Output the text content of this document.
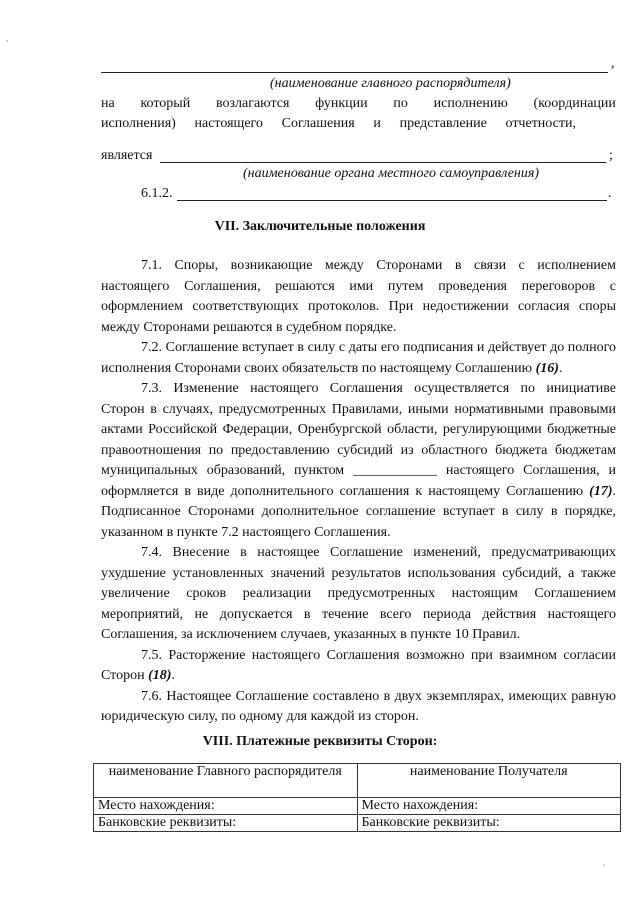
,
(наименование главного распорядителя)
на который возлагаются функции по исполнению (координации
исполнения) настоящего Соглашения и представление отчетности,
является	;
(наименование органа местного самоуправления)
6.1.2.	.
VII. Заключительные положения

7.1. Споры, возникающие между Сторонами в связи с исполнением настоящего Соглашения, решаются ими путем проведения переговоров с оформлением соответствующих протоколов. При недостижении согласия споры между Сторонами решаются в судебном порядке.

7.2. Соглашение вступает в силу с даты его подписания и действует до полного исполнения Сторонами своих обязательств по настоящему Соглашению (16).

7.3. Изменение настоящего Соглашения осуществляется по инициативе Сторон в случаях, предусмотренных Правилами, иными нормативными правовыми актами Российской Федерации, Оренбургской области, регулирующими бюджетные правоотношения по предоставлению субсидий из областного бюджета бюджетам муниципальных образований, пунктом ____________ настоящего Соглашения, и оформляется в виде дополнительного соглашения к настоящему Соглашению (17). Подписанное Сторонами дополнительное соглашение вступает в силу в порядке, указанном в пункте 7.2 настоящего Соглашения.

7.4. Внесение в настоящее Соглашение изменений, предусматривающих ухудшение установленных значений результатов использования субсидий, а также увеличение сроков реализации предусмотренных настоящим Соглашением мероприятий, не допускается в течение всего периода действия настоящего Соглашения, за исключением случаев, указанных в пункте 10 Правил.

7.5. Расторжение настоящего Соглашения возможно при взаимном согласии Сторон (18).

7.6. Настоящее Соглашение составлено в двух экземплярах, имеющих равную юридическую силу, по одному для каждой из сторон.

VIII. Платежные реквизиты Сторон:
наименование Главного распорядителя	наименование Получателя
Место нахождения:	Место нахождения:
Банковские реквизиты:	Банковские реквизиты:
